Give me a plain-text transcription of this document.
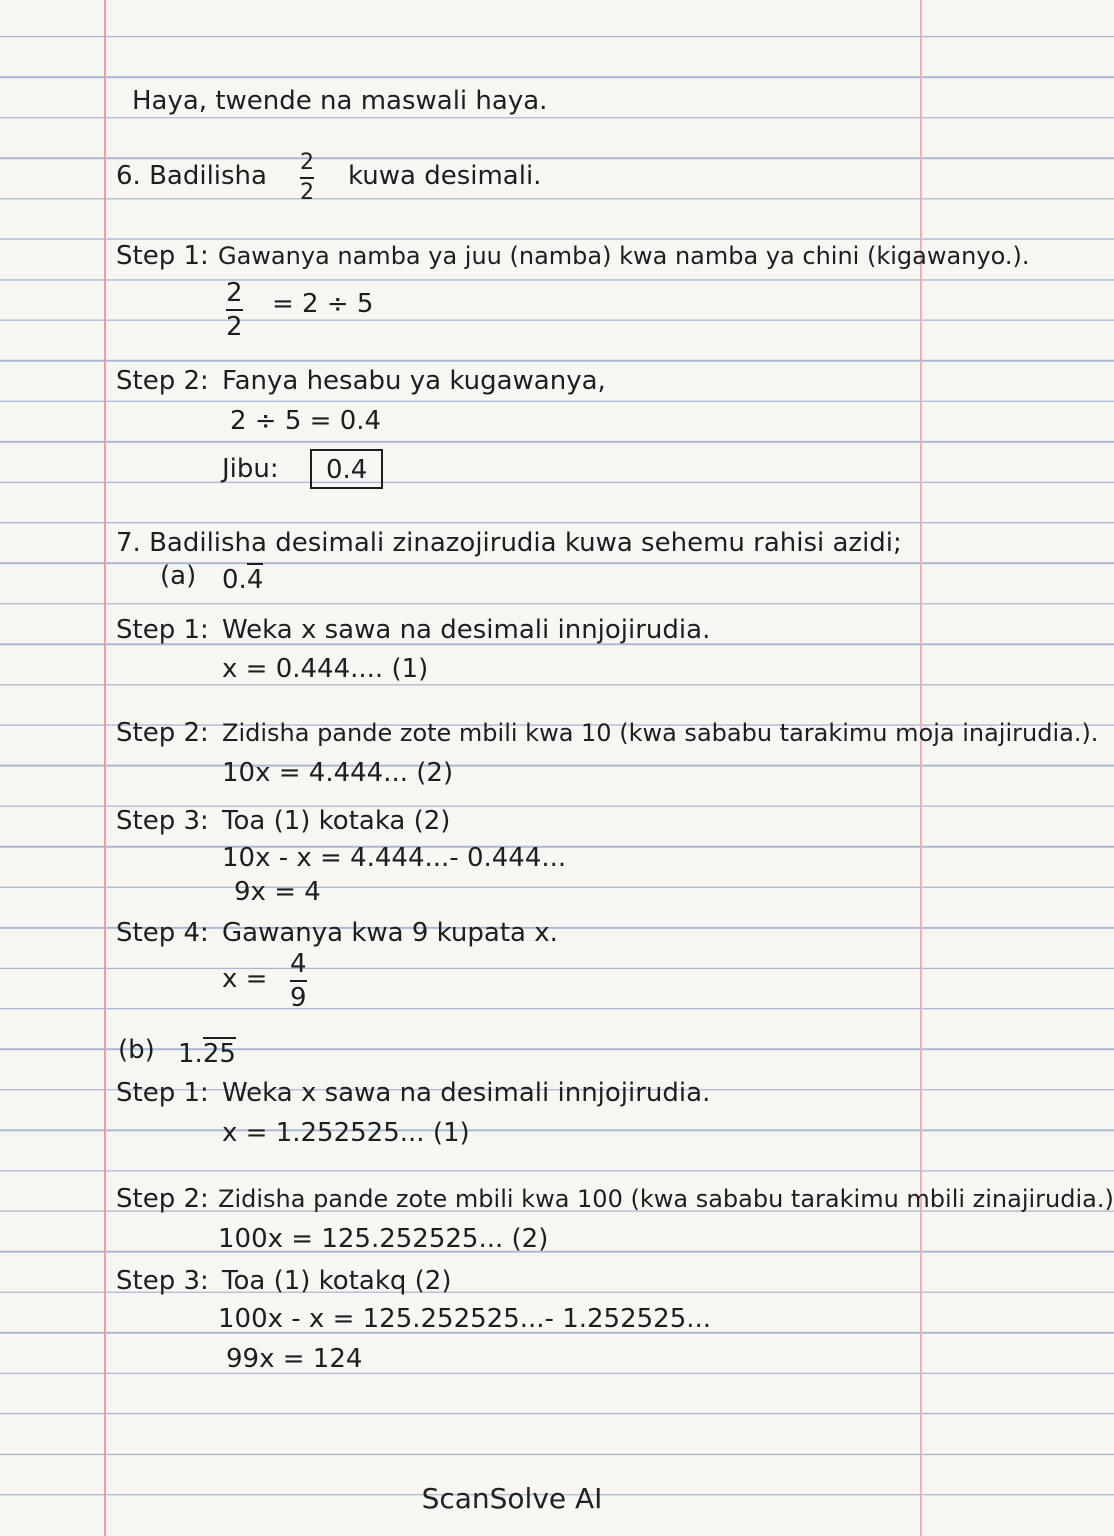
Haya, twende na maswali haya.
6. Badilisha 2
2
kuwa desimali.
Step 1: Gawanya namba ya juu (namba) kwa namba ya chini (kigawanyo.).
2
2
= 2 ÷ 5
Step 2: Fanya hesabu ya kugawanya,
2 ÷ 5 = 0.4
Jibu:	0.4
7. Badilisha desimali zinazojirudia kuwa sehemu rahisi azidi;
(a) 0.4
Step 1: Weka x sawa na desimali innjojirudia.
x = 0.444.... (1)
Step 2: Zidisha pande zote mbili kwa 10 (kwa sababu tarakimu moja inajirudia.).
10x = 4.444... (2)
Step 3: Toa (1) kotaka (2)
10x - x = 4.444...- 0.444...
9x = 4
Step 4: Gawanya kwa 9 kupata x.
x = 4
9
(b) 1.25
Step 1: Weka x sawa na desimali innjojirudia.
x = 1.252525... (1)
Step 2: Zidisha pande zote mbili kwa 100 (kwa sababu tarakimu mbili zinajirudia.)
100x = 125.252525... (2)
Step 3: Toa (1) kotakq (2)
100x - x = 125.252525...- 1.252525...
99x = 124
ScanSolve AI
